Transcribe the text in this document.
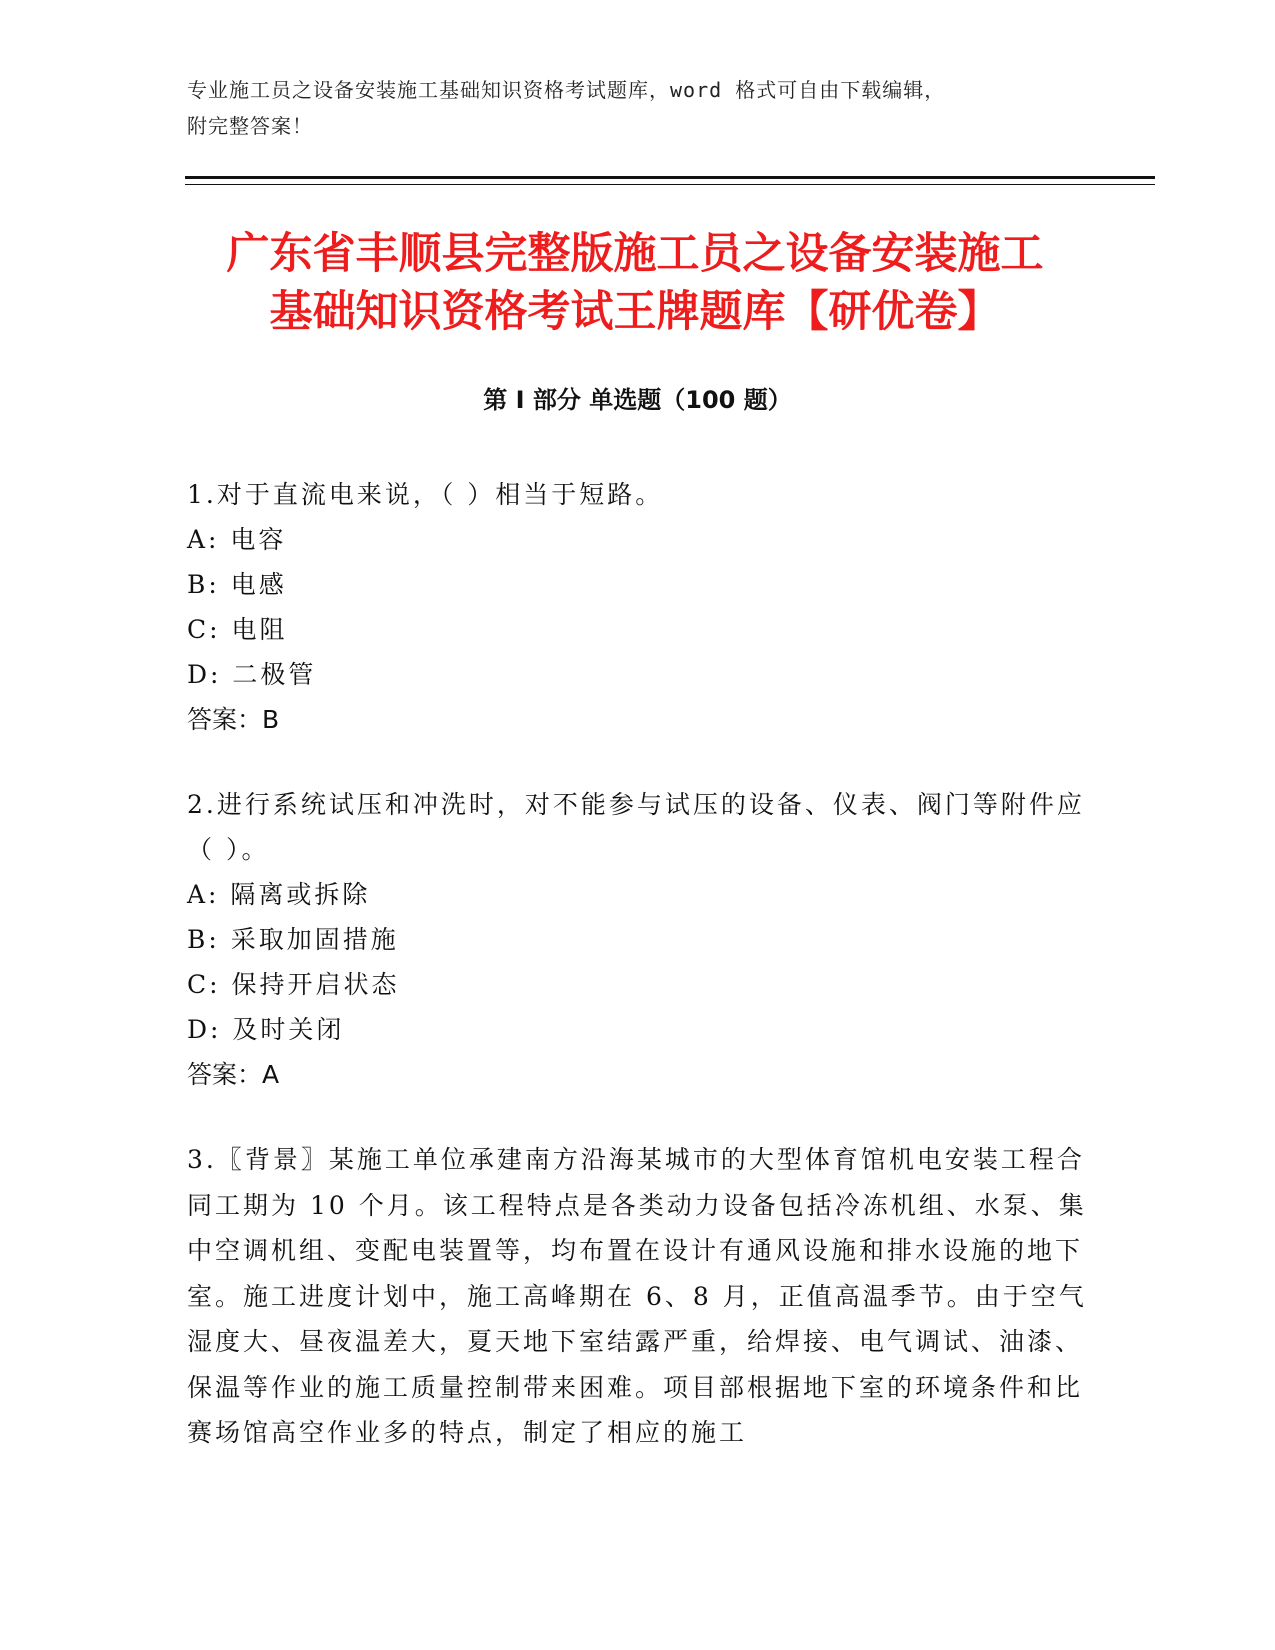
专业施工员之设备安装施工基础知识资格考试题库，word 格式可自由下载编辑，
附完整答案！
广东省丰顺县完整版施工员之设备安装施工
基础知识资格考试王牌题库【研优卷】
第 I 部分 单选题（100 题）
1.对于直流电来说，（ ）相当于短路。
A: 电容
B: 电感
C: 电阻
D: 二极管
答案：B
2.进行系统试压和冲洗时，对不能参与试压的设备、仪表、阀门等附件应（ ）。
A: 隔离或拆除
B: 采取加固措施
C: 保持开启状态
D: 及时关闭
答案：A
3.〖背景〗某施工单位承建南方沿海某城市的大型体育馆机电安装工程合同工期为 10 个月。该工程特点是各类动力设备包括冷冻机组、水泵、集中空调机组、变配电装置等，均布置在设计有通风设施和排水设施的地下室。施工进度计划中，施工高峰期在 6、8 月，正值高温季节。由于空气湿度大、昼夜温差大，夏天地下室结露严重，给焊接、电气调试、油漆、保温等作业的施工质量控制带来困难。项目部根据地下室的环境条件和比赛场馆高空作业多的特点，制定了相应的施工
